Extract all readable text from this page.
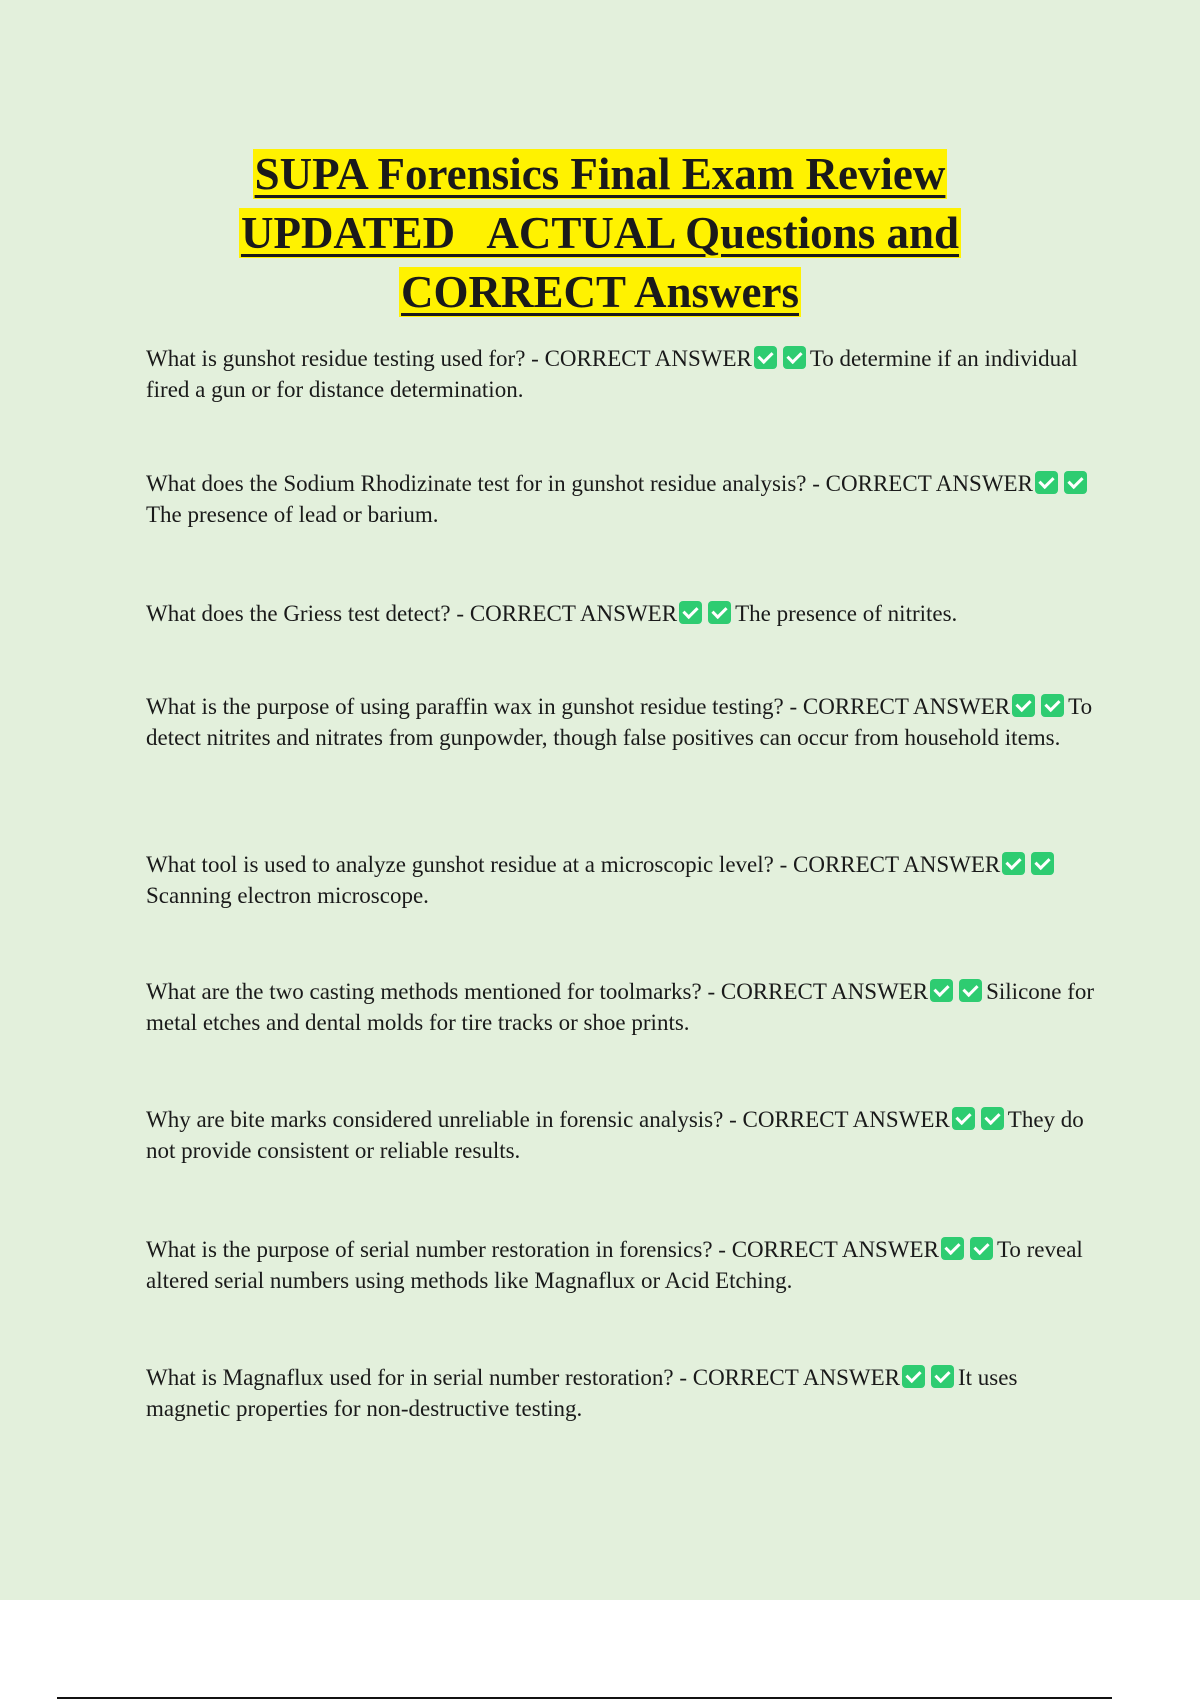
SUPA Forensics Final Exam Review
UPDATED   ACTUAL Questions and
CORRECT Answers

What is gunshot residue testing used for? - CORRECT ANSWER	To determine if an individual fired a gun or for distance determination.

What does the Sodium Rhodizinate test for in gunshot residue analysis? - CORRECT ANSWERThe presence of lead or barium.

What does the Griess test detect? - CORRECT ANSWER	The presence of nitrites.

What is the purpose of using paraffin wax in gunshot residue testing? - CORRECT ANSWER	To detect nitrites and nitrates from gunpowder, though false positives can occur from household items.

What tool is used to analyze gunshot residue at a microscopic level? - CORRECT ANSWERScanning electron microscope.

What are the two casting methods mentioned for toolmarks? - CORRECT ANSWER	Silicone for metal etches and dental molds for tire tracks or shoe prints.

Why are bite marks considered unreliable in forensic analysis? - CORRECT ANSWER	They do not provide consistent or reliable results.

What is the purpose of serial number restoration in forensics? - CORRECT ANSWER	To reveal altered serial numbers using methods like Magnaflux or Acid Etching.

What is Magnaflux used for in serial number restoration? - CORRECT ANSWER	It uses magnetic properties for non-destructive testing.
